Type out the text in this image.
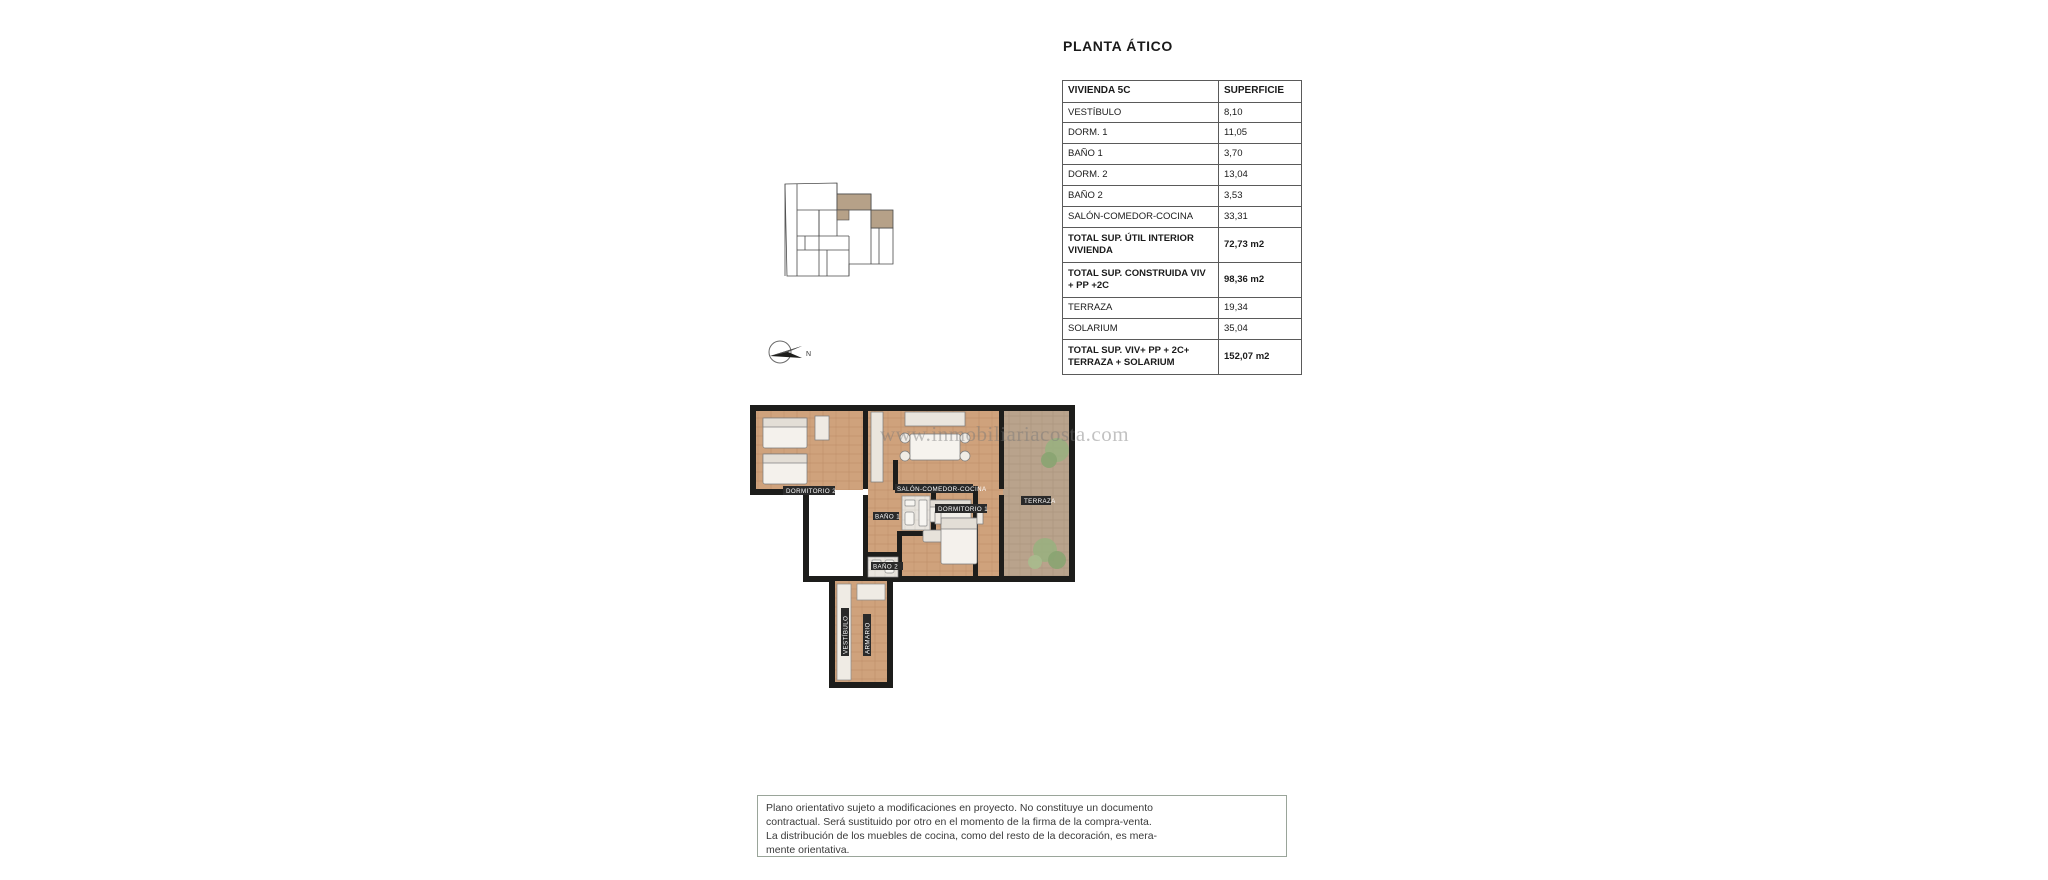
PLANTA ÁTICO
VIVIENDA 5C	SUPERFICIE
VESTÍBULO	8,10
DORM. 1	11,05
BAÑO 1	3,70
DORM. 2	13,04
BAÑO 2	3,53
SALÓN-COMEDOR-COCINA	33,31
TOTAL SUP. ÚTIL INTERIOR VIVIENDA	72,73 m2
TOTAL SUP. CONSTRUIDA VIV + PP +2C	98,36 m2
TERRAZA	19,34
SOLARIUM	35,04
TOTAL SUP. VIV+ PP + 2C+ TERRAZA + SOLARIUM	152,07 m2
N
DORMITORIO 2	SALÓN-COMEDOR-COCINA
DORMITORIO 1
TERRAZA
BAÑO 1
BAÑO 2
VESTÍBULO ARMARIO
www.inmobiliariacosta.com
Plano orientativo sujeto a modificaciones en proyecto. No constituye un documento
contractual. Será sustituido por otro en el momento de la firma de la compra-venta.
La distribución de los muebles de cocina, como del resto de la decoración, es mera-
mente orientativa.
